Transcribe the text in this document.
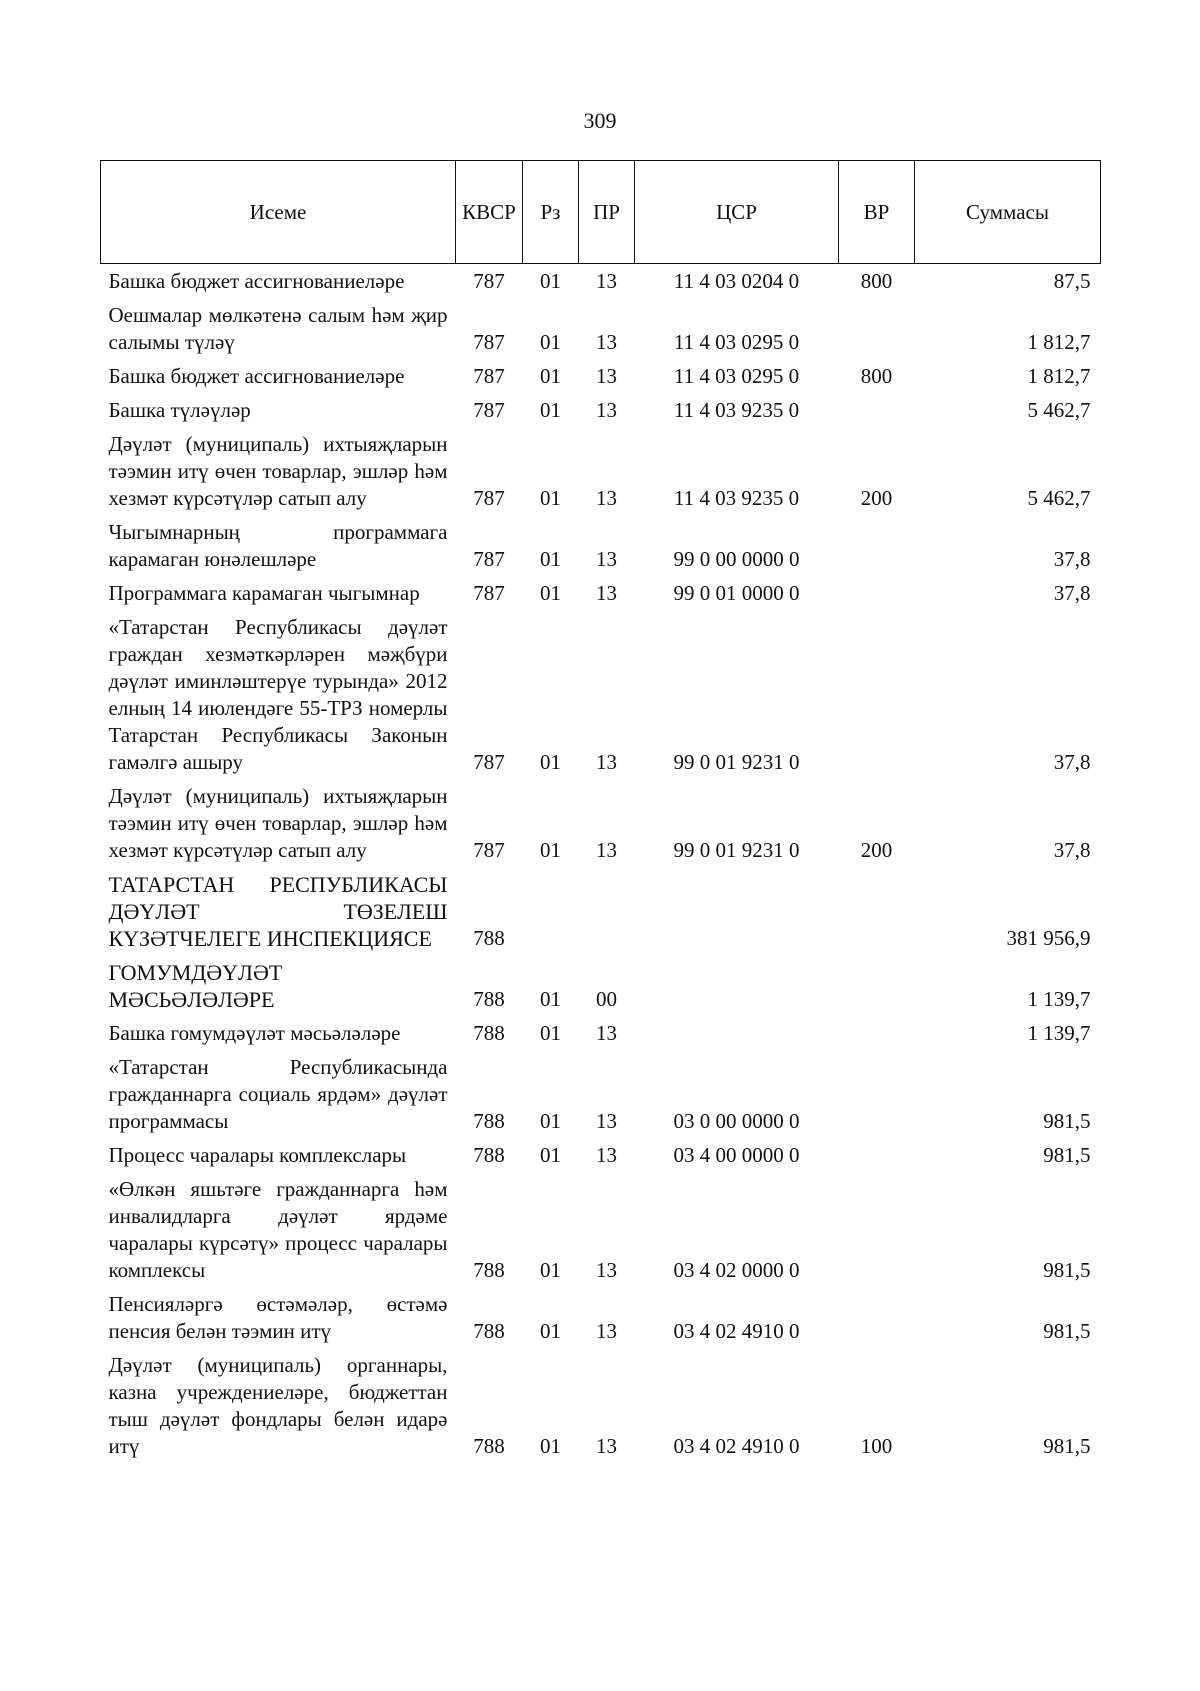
309
Исеме	КВСР	Рз	ПР	ЦСР	ВР	Суммасы
Башка бюджет ассигнованиеләре	787	01	13	11 4 03 0204 0	800	87,5
Оешмалар мөлкәтенә салым һәм җир салымы түләү	787	01	13	11 4 03 0295 0		1 812,7
Башка бюджет ассигнованиеләре	787	01	13	11 4 03 0295 0	800	1 812,7
Башка түләүләр	787	01	13	11 4 03 9235 0		5 462,7
Дәүләт (муниципаль) ихтыяҗларын тәэмин итү өчен товарлар, эшләр һәм хезмәт күрсәтүләр сатып алу	787	01	13	11 4 03 9235 0	200	5 462,7
Чыгымнарның программага карамаган юнәлешләре	787	01	13	99 0 00 0000 0		37,8
Программага карамаган чыгымнар	787	01	13	99 0 01 0000 0		37,8
«Татарстан Республикасы дәүләт граждан хезмәткәрләрен мәҗбүри дәүләт иминләштерүе турында» 2012 елның 14 июлендәге 55-ТРЗ номерлы Татарстан Республикасы Законын гамәлгә ашыру	787	01	13	99 0 01 9231 0		37,8
Дәүләт (муниципаль) ихтыяҗларын тәэмин итү өчен товарлар, эшләр һәм хезмәт күрсәтүләр сатып алу	787	01	13	99 0 01 9231 0	200	37,8
ТАТАРСТАН РЕСПУБЛИКАСЫ ДӘҮЛӘТ ТӨЗЕЛЕШ КҮЗӘТЧЕЛЕГЕ ИНСПЕКЦИЯСЕ	788					381 956,9
ГОМУМДӘҮЛӘТ МӘСЬӘЛӘЛӘРЕ	788	01	00			1 139,7
Башка гомумдәүләт мәсьәләләре	788	01	13			1 139,7
«Татарстан Республикасында гражданнарга социаль ярдәм» дәүләт программасы	788	01	13	03 0 00 0000 0		981,5
Процесс чаралары комплекслары	788	01	13	03 4 00 0000 0		981,5
«Өлкән яшьтәге гражданнарга һәм инвалидларга дәүләт ярдәме чаралары күрсәтү» процесс чаралары комплексы	788	01	13	03 4 02 0000 0		981,5
Пенсияләргә өстәмәләр, өстәмә пенсия белән тәэмин итү	788	01	13	03 4 02 4910 0		981,5
Дәүләт (муниципаль) органнары, казна учреждениеләре, бюджеттан тыш дәүләт фондлары белән идарә итү	788	01	13	03 4 02 4910 0	100	981,5
